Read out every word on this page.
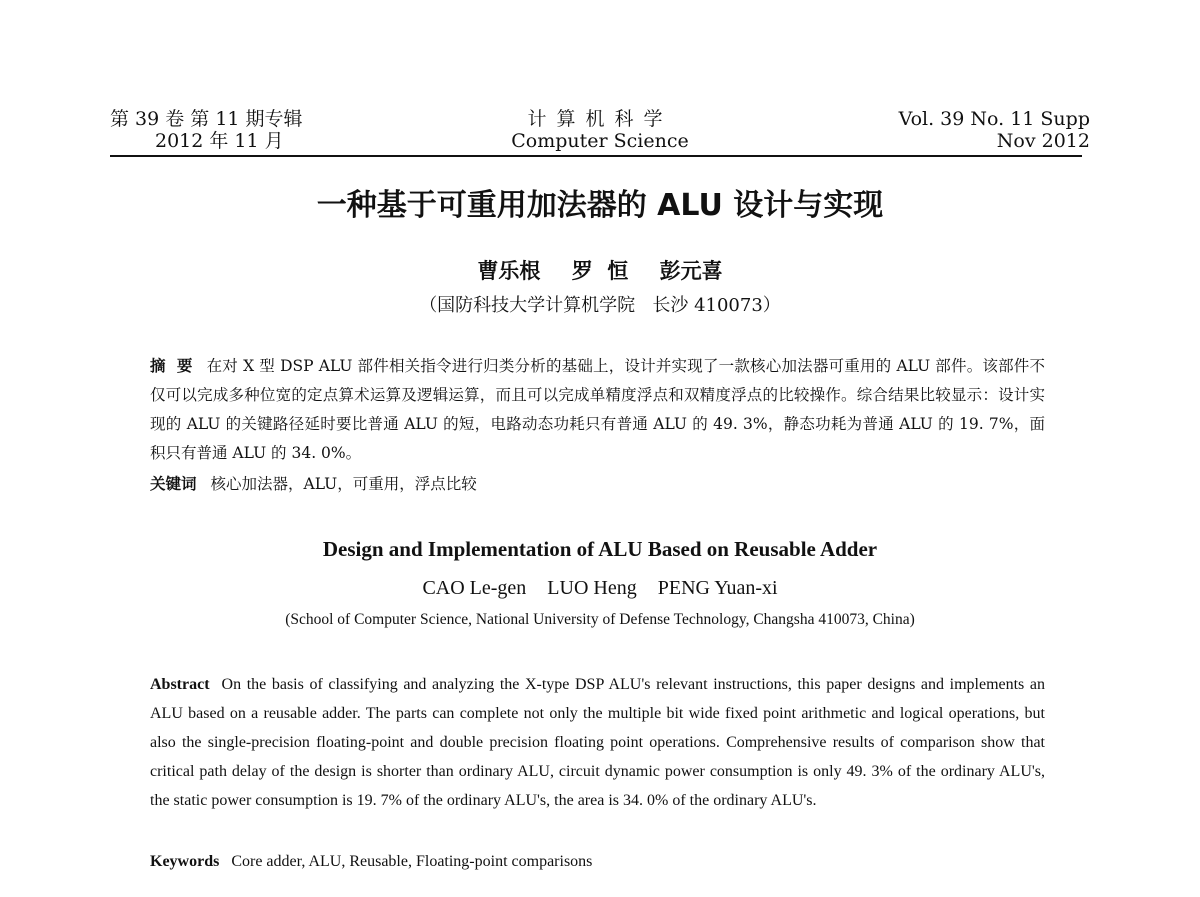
第 39 卷 第 11 期专辑
2012 年 11 月
计算机科学
Computer Science
Vol. 39 No. 11 Supp
Nov 2012
一种基于可重用加法器的 ALU 设计与实现
曹乐根 罗  恒 彭元喜
（国防科技大学计算机学院   长沙 410073）
摘  要 在对 X 型 DSP ALU 部件相关指令进行归类分析的基础上，设计并实现了一款核心加法器可重用的 ALU 部件。该部件不仅可以完成多种位宽的定点算术运算及逻辑运算，而且可以完成单精度浮点和双精度浮点的比较操作。综合结果比较显示：设计实现的 ALU 的关键路径延时要比普通 ALU 的短，电路动态功耗只有普通 ALU 的 49. 3%，静态功耗为普通 ALU 的 19. 7%，面积只有普通 ALU 的 34. 0%。
关键词 核心加法器，ALU，可重用，浮点比较
Design and Implementation of ALU Based on Reusable Adder
CAO Le-gen LUO Heng PENG Yuan-xi
(School of Computer Science, National University of Defense Technology, Changsha 410073, China)
Abstract On the basis of classifying and analyzing the X-type DSP ALU's relevant instructions, this paper designs and implements an ALU based on a reusable adder. The parts can complete not only the multiple bit wide fixed point arithmetic and logical operations, but also the single-precision floating-point and double precision floating point operations. Comprehensive results of comparison show that critical path delay of the design is shorter than ordinary ALU, circuit dynamic power consumption is only 49. 3% of the ordinary ALU's, the static power consumption is 19. 7% of the ordinary ALU's, the area is 34. 0% of the ordinary ALU's.
Keywords Core adder, ALU, Reusable, Floating-point comparisons
